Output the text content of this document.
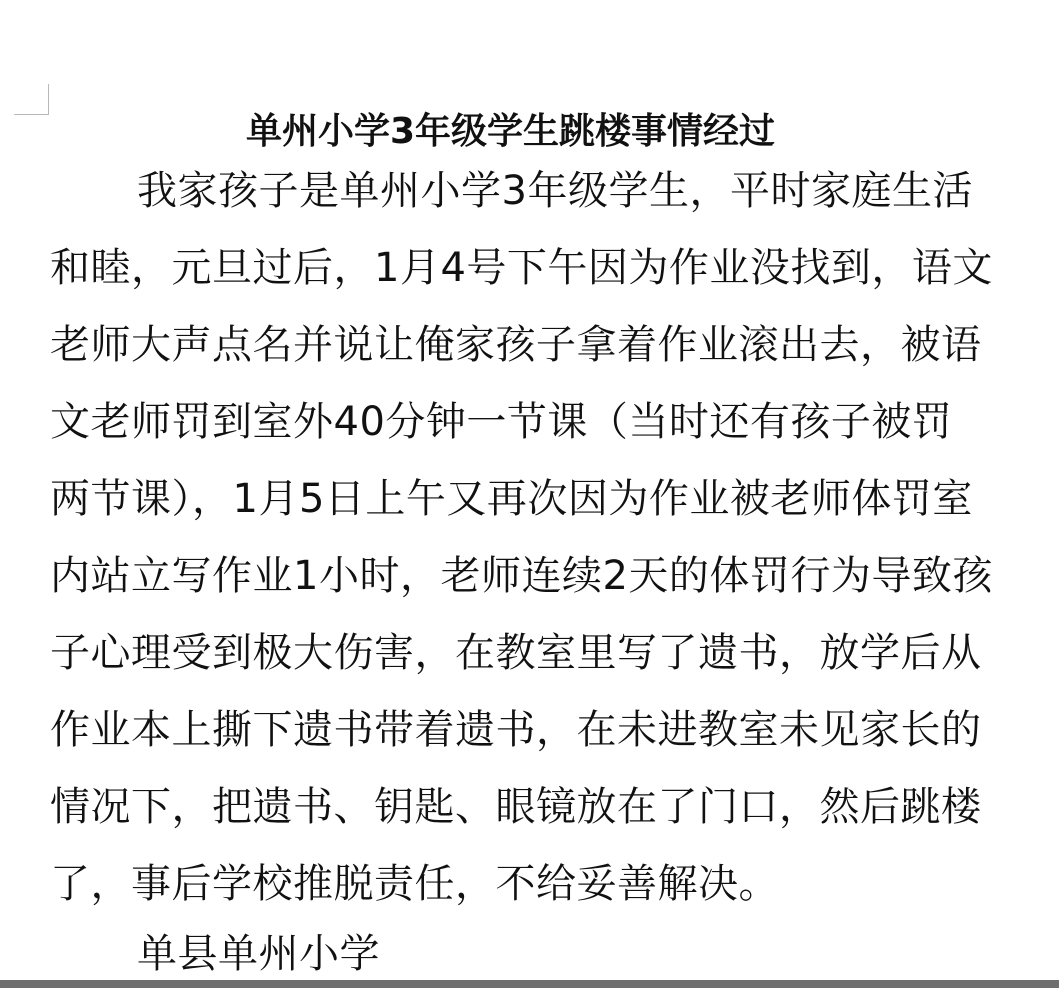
单州小学3年级学生跳楼事情经过
我家孩子是单州小学3年级学生，平时家庭生活
和睦，元旦过后，1月4号下午因为作业没找到，语文
老师大声点名并说让俺家孩子拿着作业滚出去，被语
文老师罚到室外40分钟一节课（当时还有孩子被罚
两节课），1月5日上午又再次因为作业被老师体罚室
内站立写作业1小时，老师连续2天的体罚行为导致孩
子心理受到极大伤害，在教室里写了遗书，放学后从
作业本上撕下遗书带着遗书，在未进教室未见家长的
情况下，把遗书、钥匙、眼镜放在了门口，然后跳楼
了，事后学校推脱责任，不给妥善解决。
单县单州小学
